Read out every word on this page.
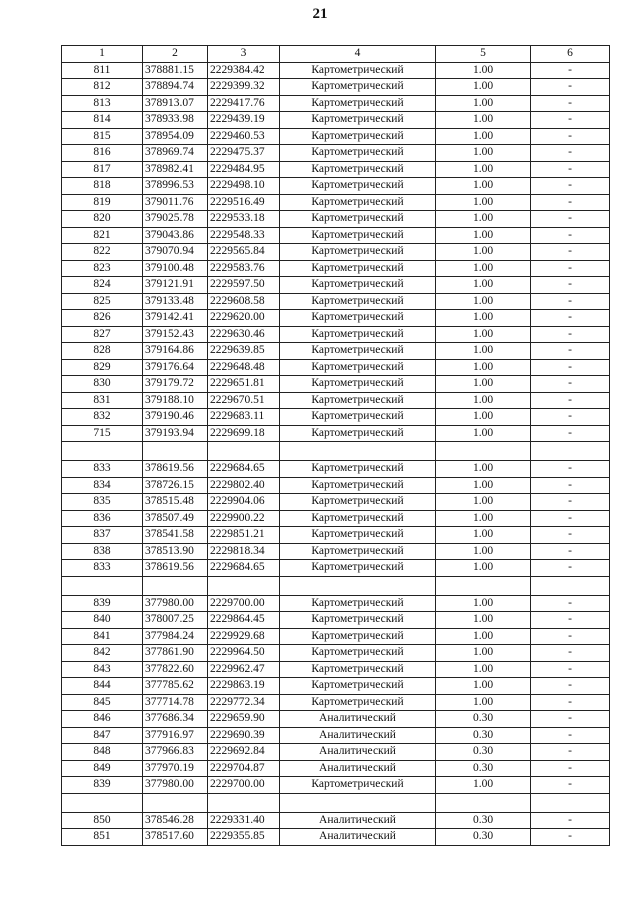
21
1	2	3	4	5	6
811	378881.15	2229384.42	Картометрический	1.00	-
812	378894.74	2229399.32	Картометрический	1.00	-
813	378913.07	2229417.76	Картометрический	1.00	-
814	378933.98	2229439.19	Картометрический	1.00	-
815	378954.09	2229460.53	Картометрический	1.00	-
816	378969.74	2229475.37	Картометрический	1.00	-
817	378982.41	2229484.95	Картометрический	1.00	-
818	378996.53	2229498.10	Картометрический	1.00	-
819	379011.76	2229516.49	Картометрический	1.00	-
820	379025.78	2229533.18	Картометрический	1.00	-
821	379043.86	2229548.33	Картометрический	1.00	-
822	379070.94	2229565.84	Картометрический	1.00	-
823	379100.48	2229583.76	Картометрический	1.00	-
824	379121.91	2229597.50	Картометрический	1.00	-
825	379133.48	2229608.58	Картометрический	1.00	-
826	379142.41	2229620.00	Картометрический	1.00	-
827	379152.43	2229630.46	Картометрический	1.00	-
828	379164.86	2229639.85	Картометрический	1.00	-
829	379176.64	2229648.48	Картометрический	1.00	-
830	379179.72	2229651.81	Картометрический	1.00	-
831	379188.10	2229670.51	Картометрический	1.00	-
832	379190.46	2229683.11	Картометрический	1.00	-
715	379193.94	2229699.18	Картометрический	1.00	-

833	378619.56	2229684.65	Картометрический	1.00	-
834	378726.15	2229802.40	Картометрический	1.00	-
835	378515.48	2229904.06	Картометрический	1.00	-
836	378507.49	2229900.22	Картометрический	1.00	-
837	378541.58	2229851.21	Картометрический	1.00	-
838	378513.90	2229818.34	Картометрический	1.00	-
833	378619.56	2229684.65	Картометрический	1.00	-

839	377980.00	2229700.00	Картометрический	1.00	-
840	378007.25	2229864.45	Картометрический	1.00	-
841	377984.24	2229929.68	Картометрический	1.00	-
842	377861.90	2229964.50	Картометрический	1.00	-
843	377822.60	2229962.47	Картометрический	1.00	-
844	377785.62	2229863.19	Картометрический	1.00	-
845	377714.78	2229772.34	Картометрический	1.00	-
846	377686.34	2229659.90	Аналитический	0.30	-
847	377916.97	2229690.39	Аналитический	0.30	-
848	377966.83	2229692.84	Аналитический	0.30	-
849	377970.19	2229704.87	Аналитический	0.30	-
839	377980.00	2229700.00	Картометрический	1.00	-

850	378546.28	2229331.40	Аналитический	0.30	-
851	378517.60	2229355.85	Аналитический	0.30	-
